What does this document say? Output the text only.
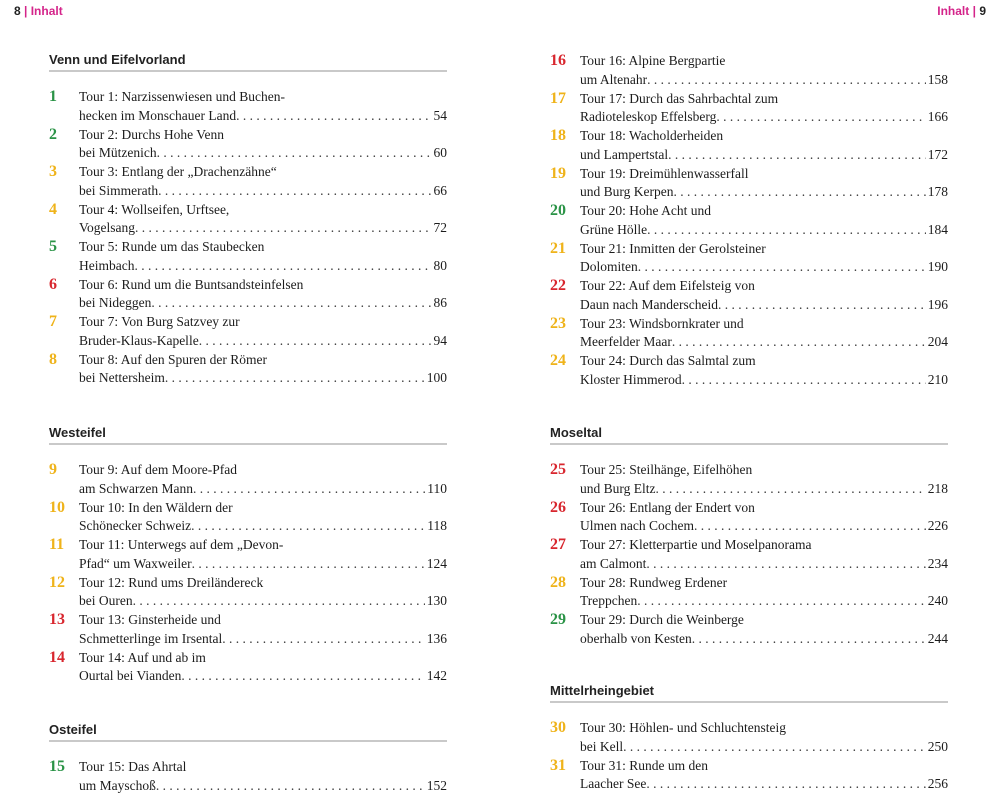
8 | Inhalt	Inhalt | 9
Venn und Eifelvorland
1	Tour 1: Narzissenwiesen und Buchen-
hecken im Monschauer Land . . .	54
2	Tour 2: Durchs Hohe Venn
bei Mützenich . . .	60
3	Tour 3: Entlang der „Drachenzähne“
bei Simmerath . . .	66
4	Tour 4: Wollseifen, Urftsee,
Vogelsang . . .	72
5	Tour 5: Runde um das Staubecken
Heimbach . . .	80
6	Tour 6: Rund um die Buntsandsteinfelsen
bei Nideggen . . .	86
7	Tour 7: Von Burg Satzvey zur
Bruder-Klaus-Kapelle . . .	94
8	Tour 8: Auf den Spuren der Römer
bei Nettersheim . . .	100
Westeifel
9	Tour 9: Auf dem Moore-Pfad
am Schwarzen Mann . . .	110
10	Tour 10: In den Wäldern der
Schönecker Schweiz . . .	118
11	Tour 11: Unterwegs auf dem „Devon-
Pfad“ um Waxweiler . . .	124
12	Tour 12: Rund ums Dreiländereck
bei Ouren . . .	130
13	Tour 13: Ginsterheide und
Schmetterlinge im Irsental . . .	136
14	Tour 14: Auf und ab im
Ourtal bei Vianden . . .	142
Osteifel
15	Tour 15: Das Ahrtal
um Mayschoß . . .	152
16	Tour 16: Alpine Bergpartie
um Altenahr . . .	158
17	Tour 17: Durch das Sahrbachtal zum
Radioteleskop Effelsberg . . .	166
18	Tour 18: Wacholderheiden
und Lampertstal . . .	172
19	Tour 19: Dreimühlenwasserfall
und Burg Kerpen . . .	178
20	Tour 20: Hohe Acht und
Grüne Hölle . . .	184
21	Tour 21: Inmitten der Gerolsteiner
Dolomiten . . .	190
22	Tour 22: Auf dem Eifelsteig von
Daun nach Manderscheid . . .	196
23	Tour 23: Windsbornkrater und
Meerfelder Maar . . .	204
24	Tour 24: Durch das Salmtal zum
Kloster Himmerod . . .	210
Moseltal
25	Tour 25: Steilhänge, Eifelhöhen
und Burg Eltz . . .	218
26	Tour 26: Entlang der Endert von
Ulmen nach Cochem . . .	226
27	Tour 27: Kletterpartie und Moselpanorama
am Calmont . . .	234
28	Tour 28: Rundweg Erdener
Treppchen . . .	240
29	Tour 29: Durch die Weinberge
oberhalb von Kesten . . .	244
Mittelrheingebiet
30	Tour 30: Höhlen- und Schluchtensteig
bei Kell . . .	250
31	Tour 31: Runde um den
Laacher See . . .	256
